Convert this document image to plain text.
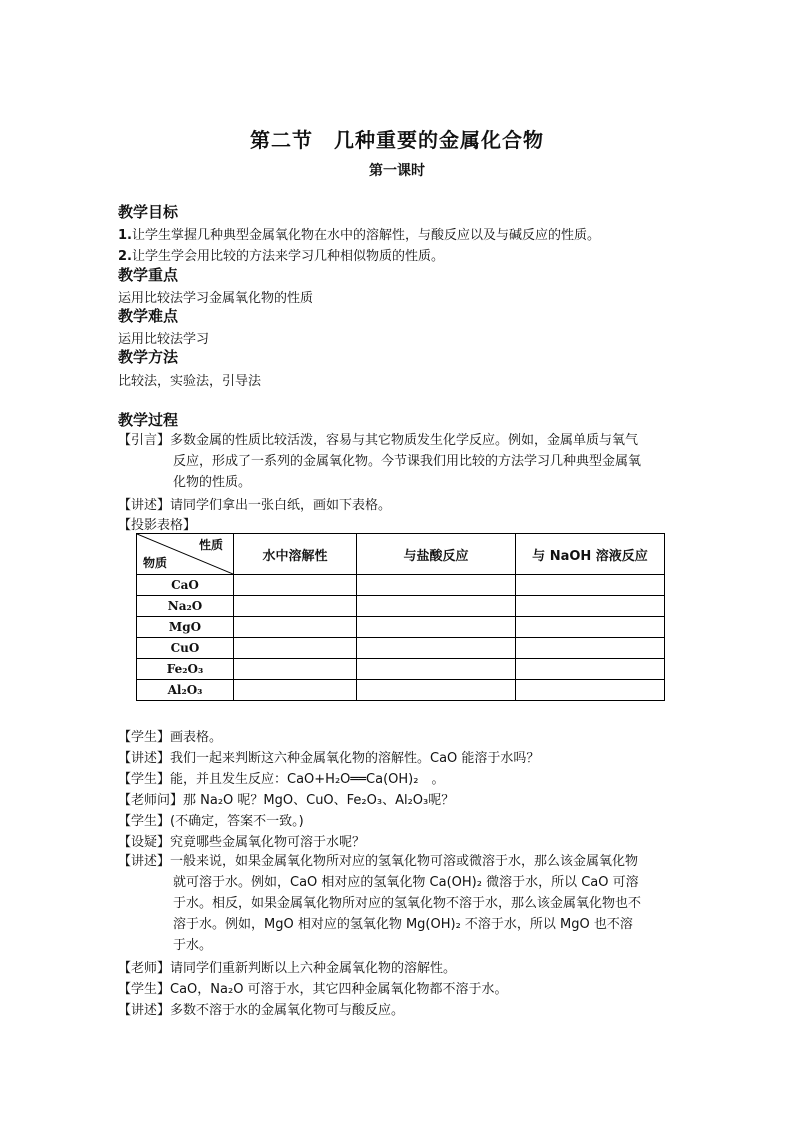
第二节　几种重要的金属化合物
第一课时
教学目标
1.让学生掌握几种典型金属氧化物在水中的溶解性，与酸反应以及与碱反应的性质。
2.让学生学会用比较的方法来学习几种相似物质的性质。
教学重点
运用比较法学习金属氧化物的性质
教学难点
运用比较法学习
教学方法
比较法，实验法，引导法
教学过程
【引言】多数金属的性质比较活泼，容易与其它物质发生化学反应。例如，金属单质与氧气
反应，形成了一系列的金属氧化物。今节课我们用比较的方法学习几种典型金属氧
化物的性质。
【讲述】请同学们拿出一张白纸，画如下表格。
【投影表格】
性质
物质	水中溶解性	与盐酸反应	与 NaOH 溶液反应
CaO			
Na₂O			
MgO			
CuO			
Fe₂O₃			
Al₂O₃			
【学生】画表格。
【讲述】我们一起来判断这六种金属氧化物的溶解性。CaO 能溶于水吗？
【学生】能，并且发生反应：CaO+H₂O══Ca(OH)₂　。
【老师问】那 Na₂O 呢？MgO、CuO、Fe₂O₃、Al₂O₃呢？
【学生】(不确定，答案不一致。)
【设疑】究竟哪些金属氧化物可溶于水呢？
【讲述】一般来说，如果金属氧化物所对应的氢氧化物可溶或微溶于水，那么该金属氧化物
就可溶于水。例如，CaO 相对应的氢氧化物 Ca(OH)₂ 微溶于水，所以 CaO 可溶
于水。相反，如果金属氧化物所对应的氢氧化物不溶于水，那么该金属氧化物也不
溶于水。例如，MgO 相对应的氢氧化物 Mg(OH)₂ 不溶于水，所以 MgO 也不溶
于水。
【老师】请同学们重新判断以上六种金属氧化物的溶解性。
【学生】CaO，Na₂O 可溶于水，其它四种金属氧化物都不溶于水。
【讲述】多数不溶于水的金属氧化物可与酸反应。
